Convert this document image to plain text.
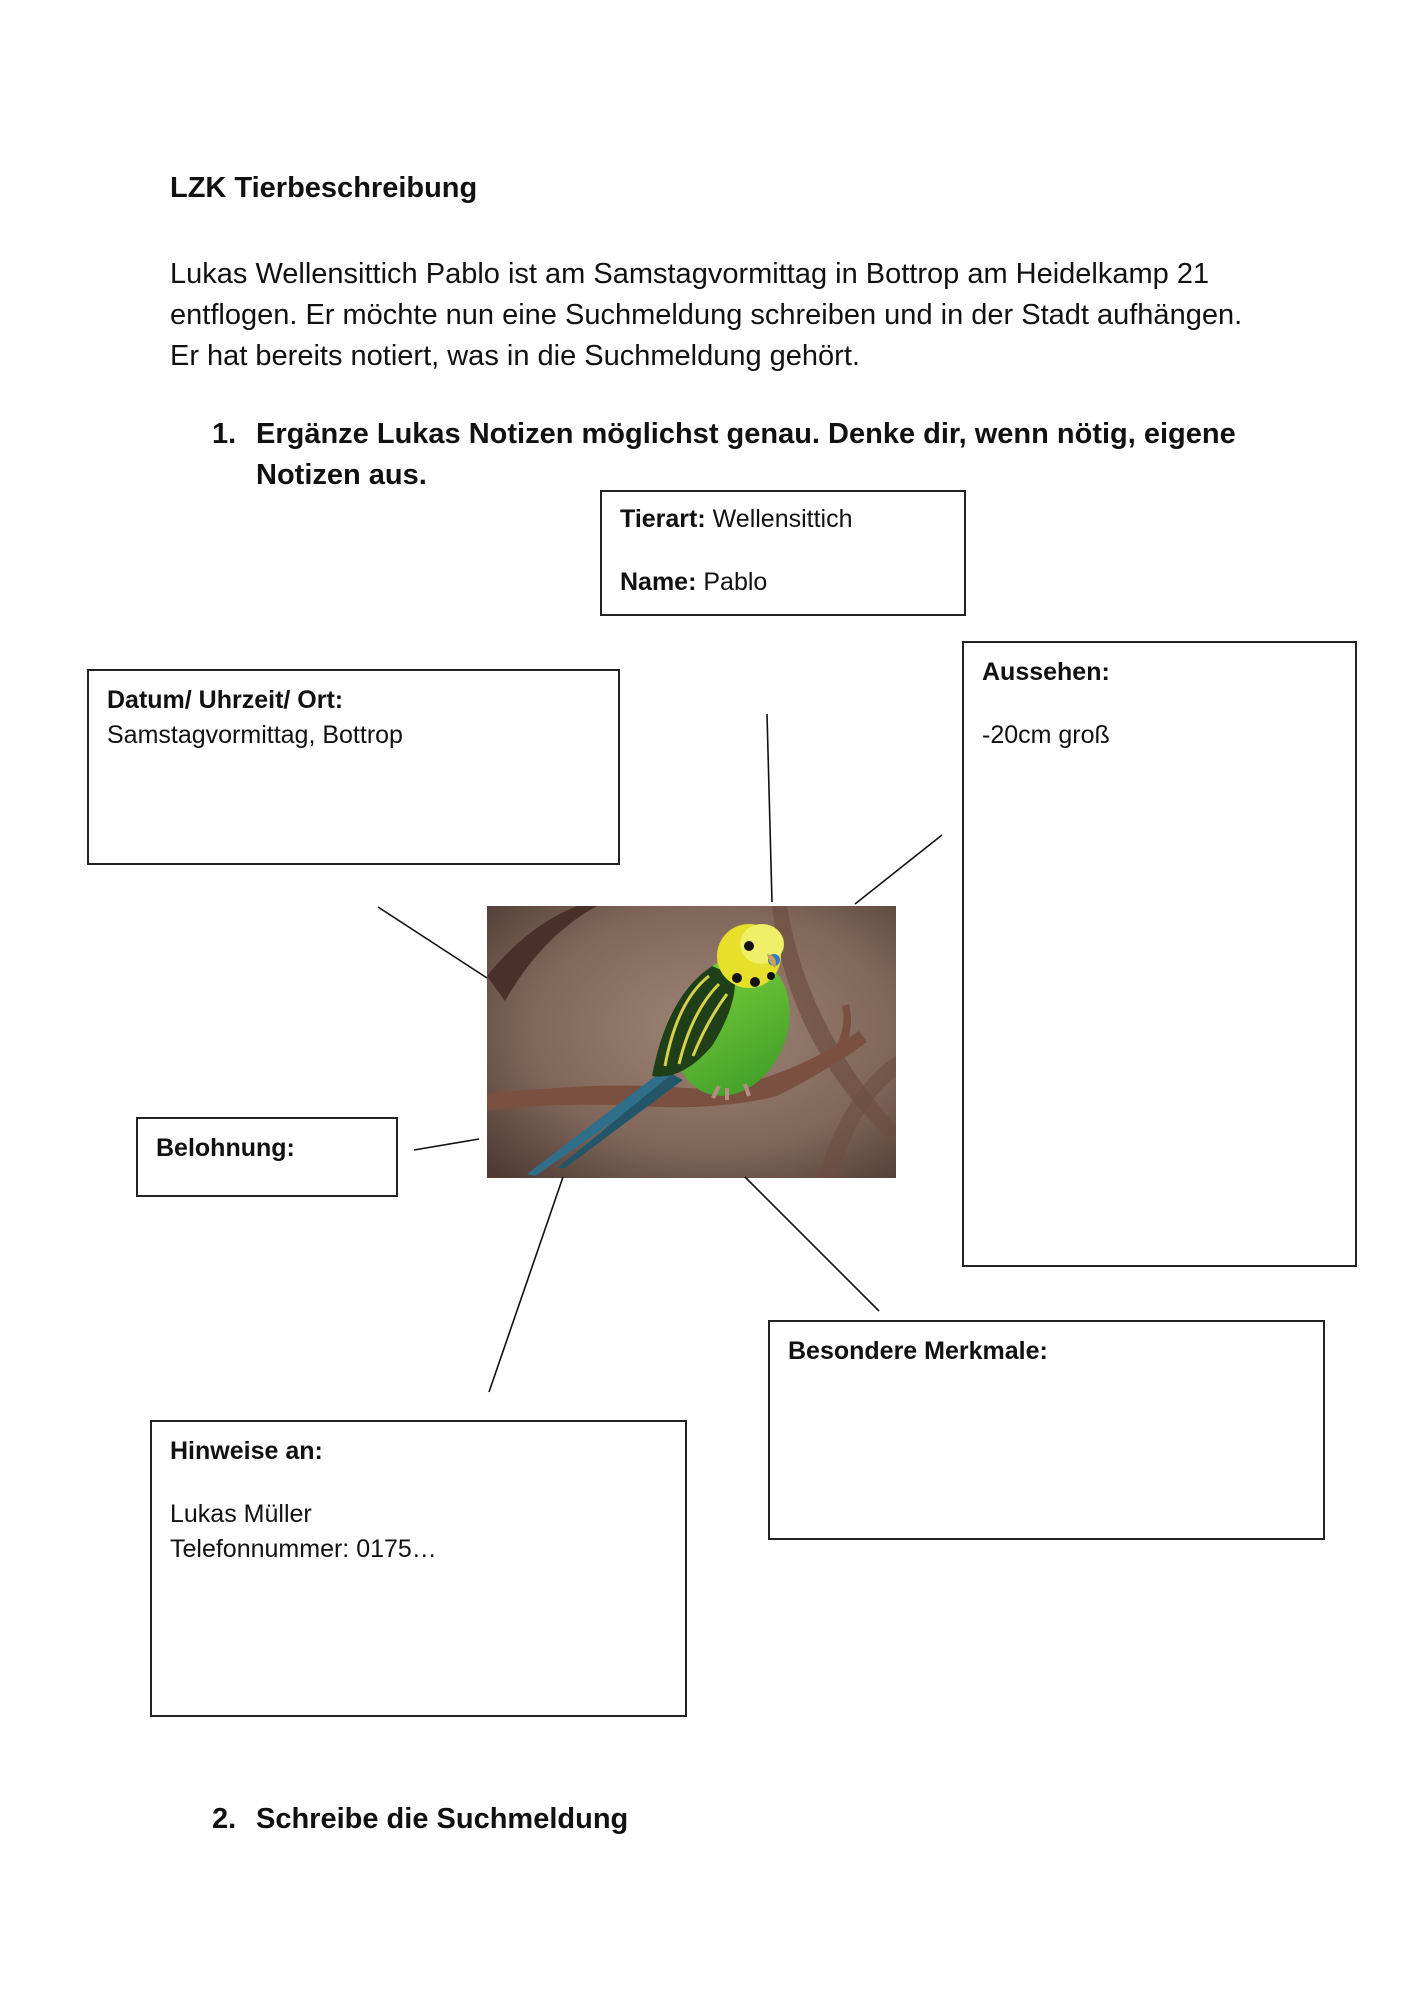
LZK Tierbeschreibung
Lukas Wellensittich Pablo ist am Samstagvormittag in Bottrop am Heidelkamp 21 entflogen. Er möchte nun eine Suchmeldung schreiben und in der Stadt aufhängen. Er hat bereits notiert, was in die Suchmeldung gehört.
1. Ergänze Lukas Notizen möglichst genau. Denke dir, wenn nötig, eigene Notizen aus.
Tierart: Wellensittich
Name: Pablo
Datum/ Uhrzeit/ Ort:
Samstagvormittag, Bottrop
Aussehen:
-20cm groß
Belohnung:
Besondere Merkmale:
Hinweise an:
Lukas Müller
Telefonnummer: 0175…
2. Schreibe die Suchmeldung
